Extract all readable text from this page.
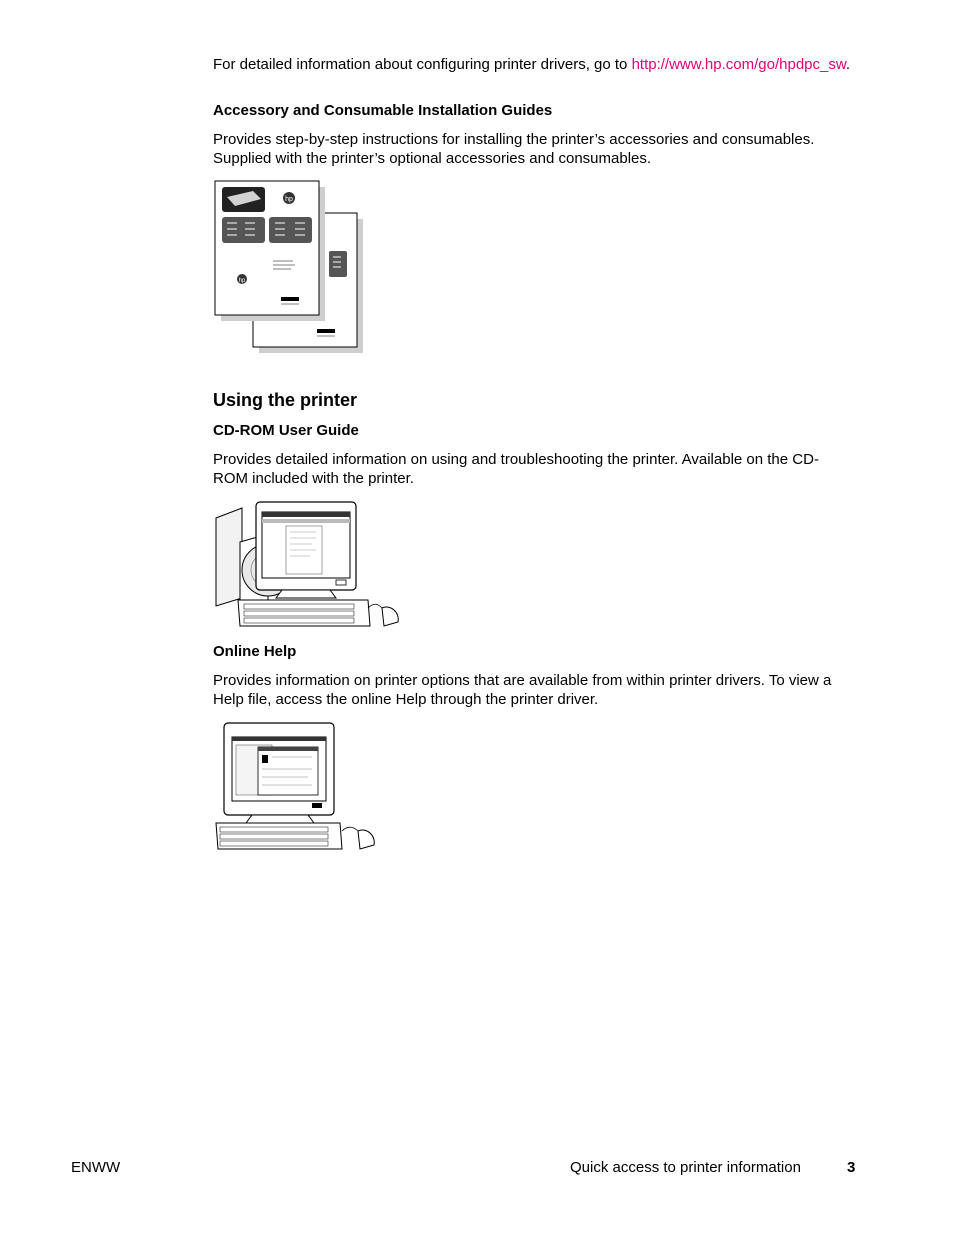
For detailed information about configuring printer drivers, go to http://www.hp.com/go/hpdpc_sw.

Accessory and Consumable Installation Guides

Provides step-by-step instructions for installing the printer’s accessories and consumables. Supplied with the printer’s optional accessories and consumables.

hp
hp
Using the printer
CD-ROM User Guide

Provides detailed information on using and troubleshooting the printer. Available on the CD-ROM included with the printer.

Online Help

Provides information on printer options that are available from within printer drivers. To view a Help file, access the online Help through the printer driver.

ENWW	Quick access to printer information	3
